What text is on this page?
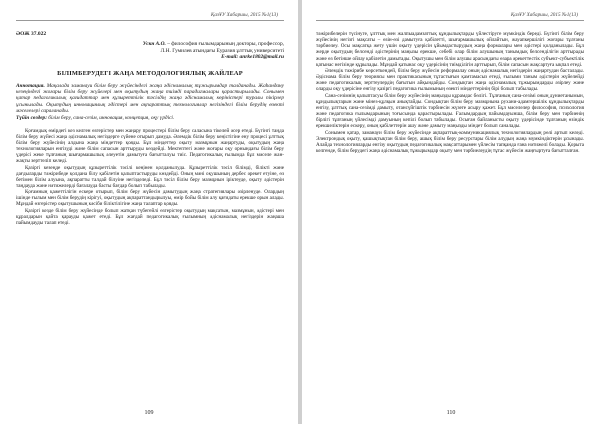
ҚазҰУ Хабаршы, 2015 №1(13)
ӘОЖ 37.022
Ускн А.О. – философия ғылымдарының докторы, профессор,
Л.Н. Гумилев атындағы Еуразия ұлттық университеті
E-mail: anrke1802@mail.ru
БІЛІМБЕРУДЕГІ ЖАҢА МЕТОДОЛОГИЯЛЫҚ ЖАЙЛЕАР
Аннотация. Мақалада заманауи білім беру жүйесіндегі жаңа әдіснамалық тұжырымдар талданады. Жаһандану кезеңіндегі жоғары білім беру жүйелері мен оқытудың жаңа тиімді парадигмалары қарастырылады. Сонымен қатар педагогикалық қағидаттар мен құзыреттілік тәсілдің жаңа әдіснамалық көріністері туралы пікірлер ұсынылады. Оқытудың инновациялық әдістері мен ақпараттық технологиялар негізіндегі білім берудің өзекті мәселелері сараланады.
Түйін сөздер: білім беру, сана-сезім, инновация, концепция, оқу үрдісі.

Қоғамдық өмірдегі кез келген өзгерістер мен жаңару процестері білім беру саласына тікелей әсер етеді. Бүгінгі таңда білім беру жүйесі жаңа әдіснамалық негіздерге сүйене отырып дамуда. Әлемдік білім беру кеңістігіне ену процесі ұлттық білім беру жүйесінің алдына жаңа міндеттер қояды. Бұл міндеттер оқыту мазмұнын жаңартуды, оқытудың жаңа технологияларын енгізуді және білім сапасын арттыруды көздейді. Мектептегі және жоғары оқу орнындағы білім беру үдерісі жеке тұлғаның шығармашылық әлеуетін дамытуға бағытталуы тиіс. Педагогикалық ғылымда бұл мәселе жан-жақты зерттеліп келеді.

Қазіргі кезеңде оқытудың құзыреттілік тәсілі кеңінен қолданылуда. Құзыреттілік тәсіл білімді, білікті және дағдыларды тәжірибеде қолдана білу қабілетін қалыптастыруды көздейді. Оның мәні оқушының дербес әрекет етуіне, өз бетімен білім алуына, ақпаратты талдай білуіне негізделеді. Бұл тәсіл білім беру мазмұнын іріктеуде, оқыту әдістерін таңдауда және нәтижелерді бағалауда басты бағдар болып табылады.

Қоғамның қажеттілігін ескере отырып, білім беру жүйесін дамытудың жаңа стратегиялары әзірленуде. Олардың ішінде ғылым мен білім берудің кірігуі, оқытудың ақпараттандырылуы, өмір бойы білім алу қағидаты ерекше орын алады. Мұндай өзгерістер оқытушының кәсіби біліктілігіне жаңа талаптар қояды.

Қазіргі кезде білім беру жүйесінде болып жатқан түбегейлі өзгерістер оқытудың мақсатын, мазмұнын, әдістері мен құралдарын қайта қарауды қажет етеді. Бұл жағдай педагогикалық ғылымның әдіснамалық негіздерін жаңаша пайымдауды талап етеді.

109
ҚазҰУ Хабаршы, 2015 №1(13)

тәжірибелерін түсінуге, ұлттық мен жалпыадамзаттық құндылықтарды үйлестіруге мүмкіндік береді. Бүгінгі білім беру жүйесінің негізгі мақсаты – өзін-өзі дамытуға қабілетті, шығармашылық ойлайтын, жауапкершілігі жоғары тұлғаны тәрбиелеу. Осы мақсатқа жету үшін оқыту үдерісін ұйымдастырудың жаңа формалары мен әдістері қолданылады. Бұл жерде оқытудың белсенді әдістерінің маңызы ерекше, себебі олар білім алушының танымдық белсенділігін арттырады және өз бетінше ойлау қабілетін дамытады. Оқытушы мен білім алушы арасындағы өзара әрекеттестік субъект-субъектілік қатынас негізінде құрылады. Мұндай қатынас оқу үдерісінің тиімділігін арттырып, білім сапасын жақсартуға ықпал етеді.

Әлемдік тәжірибе көрсеткендей, білім беру жүйесін реформалау оның әдіснамалық негіздерін жаңартудан басталады. Әдіснама білім беру теориясы мен практикасының тұтастығын қамтамасыз етеді, ғылыми таным әдістерін жүйелейді және педагогикалық зерттеулердің бағытын айқындайды. Сондықтан жаңа әдіснамалық тұжырымдарды әзірлеу және оларды оқу үдерісіне енгізу қазіргі педагогика ғылымының өзекті міндеттерінің бірі болып табылады.

Сана-сезімнің қалыптасуы білім беру жүйесінің маңызды құрамдас бөлігі. Тұлғаның сана-сезімі оның дүниетанымын, құндылықтарын және мінез-құлқын анықтайды. Сондықтан білім беру мазмұнына рухани-адамгершілік құндылықтарды енгізу, ұлттық сана-сезімді дамыту, отансүйгіштік тәрбиесін жүзеге асыру қажет. Бұл мәселелер философия, психология және педагогика ғылымдарының тоғысында қарастырылады. Ғалымдардың пайымдауынша, білім беру мен тәрбиенің бірлігі тұлғаның үйлесімді дамуының кепілі болып табылады. Осыған байланысты оқыту үдерісінде тұлғаның өзіндік ерекшеліктерін ескеру, оның қабілеттерін ашу және дамыту маңызды міндет болып саналады.

Сонымен қатар, заманауи білім беру жүйесінде ақпараттық-коммуникациялық технологиялардың рөлі артып келеді. Электрондық оқыту, қашықтықтан білім беру, ашық білім беру ресурстары білім алудың жаңа мүмкіндіктерін ұсынады. Алайда технологияларды енгізу оқытудың педагогикалық мақсаттарымен үйлесім тапқанда ғана нәтижелі болады. Қорыта келгенде, білім берудегі жаңа әдіснамалық тұжырымдар оқыту мен тәрбиелеудің тұтас жүйесін жаңғыртуға бағытталған.

110
